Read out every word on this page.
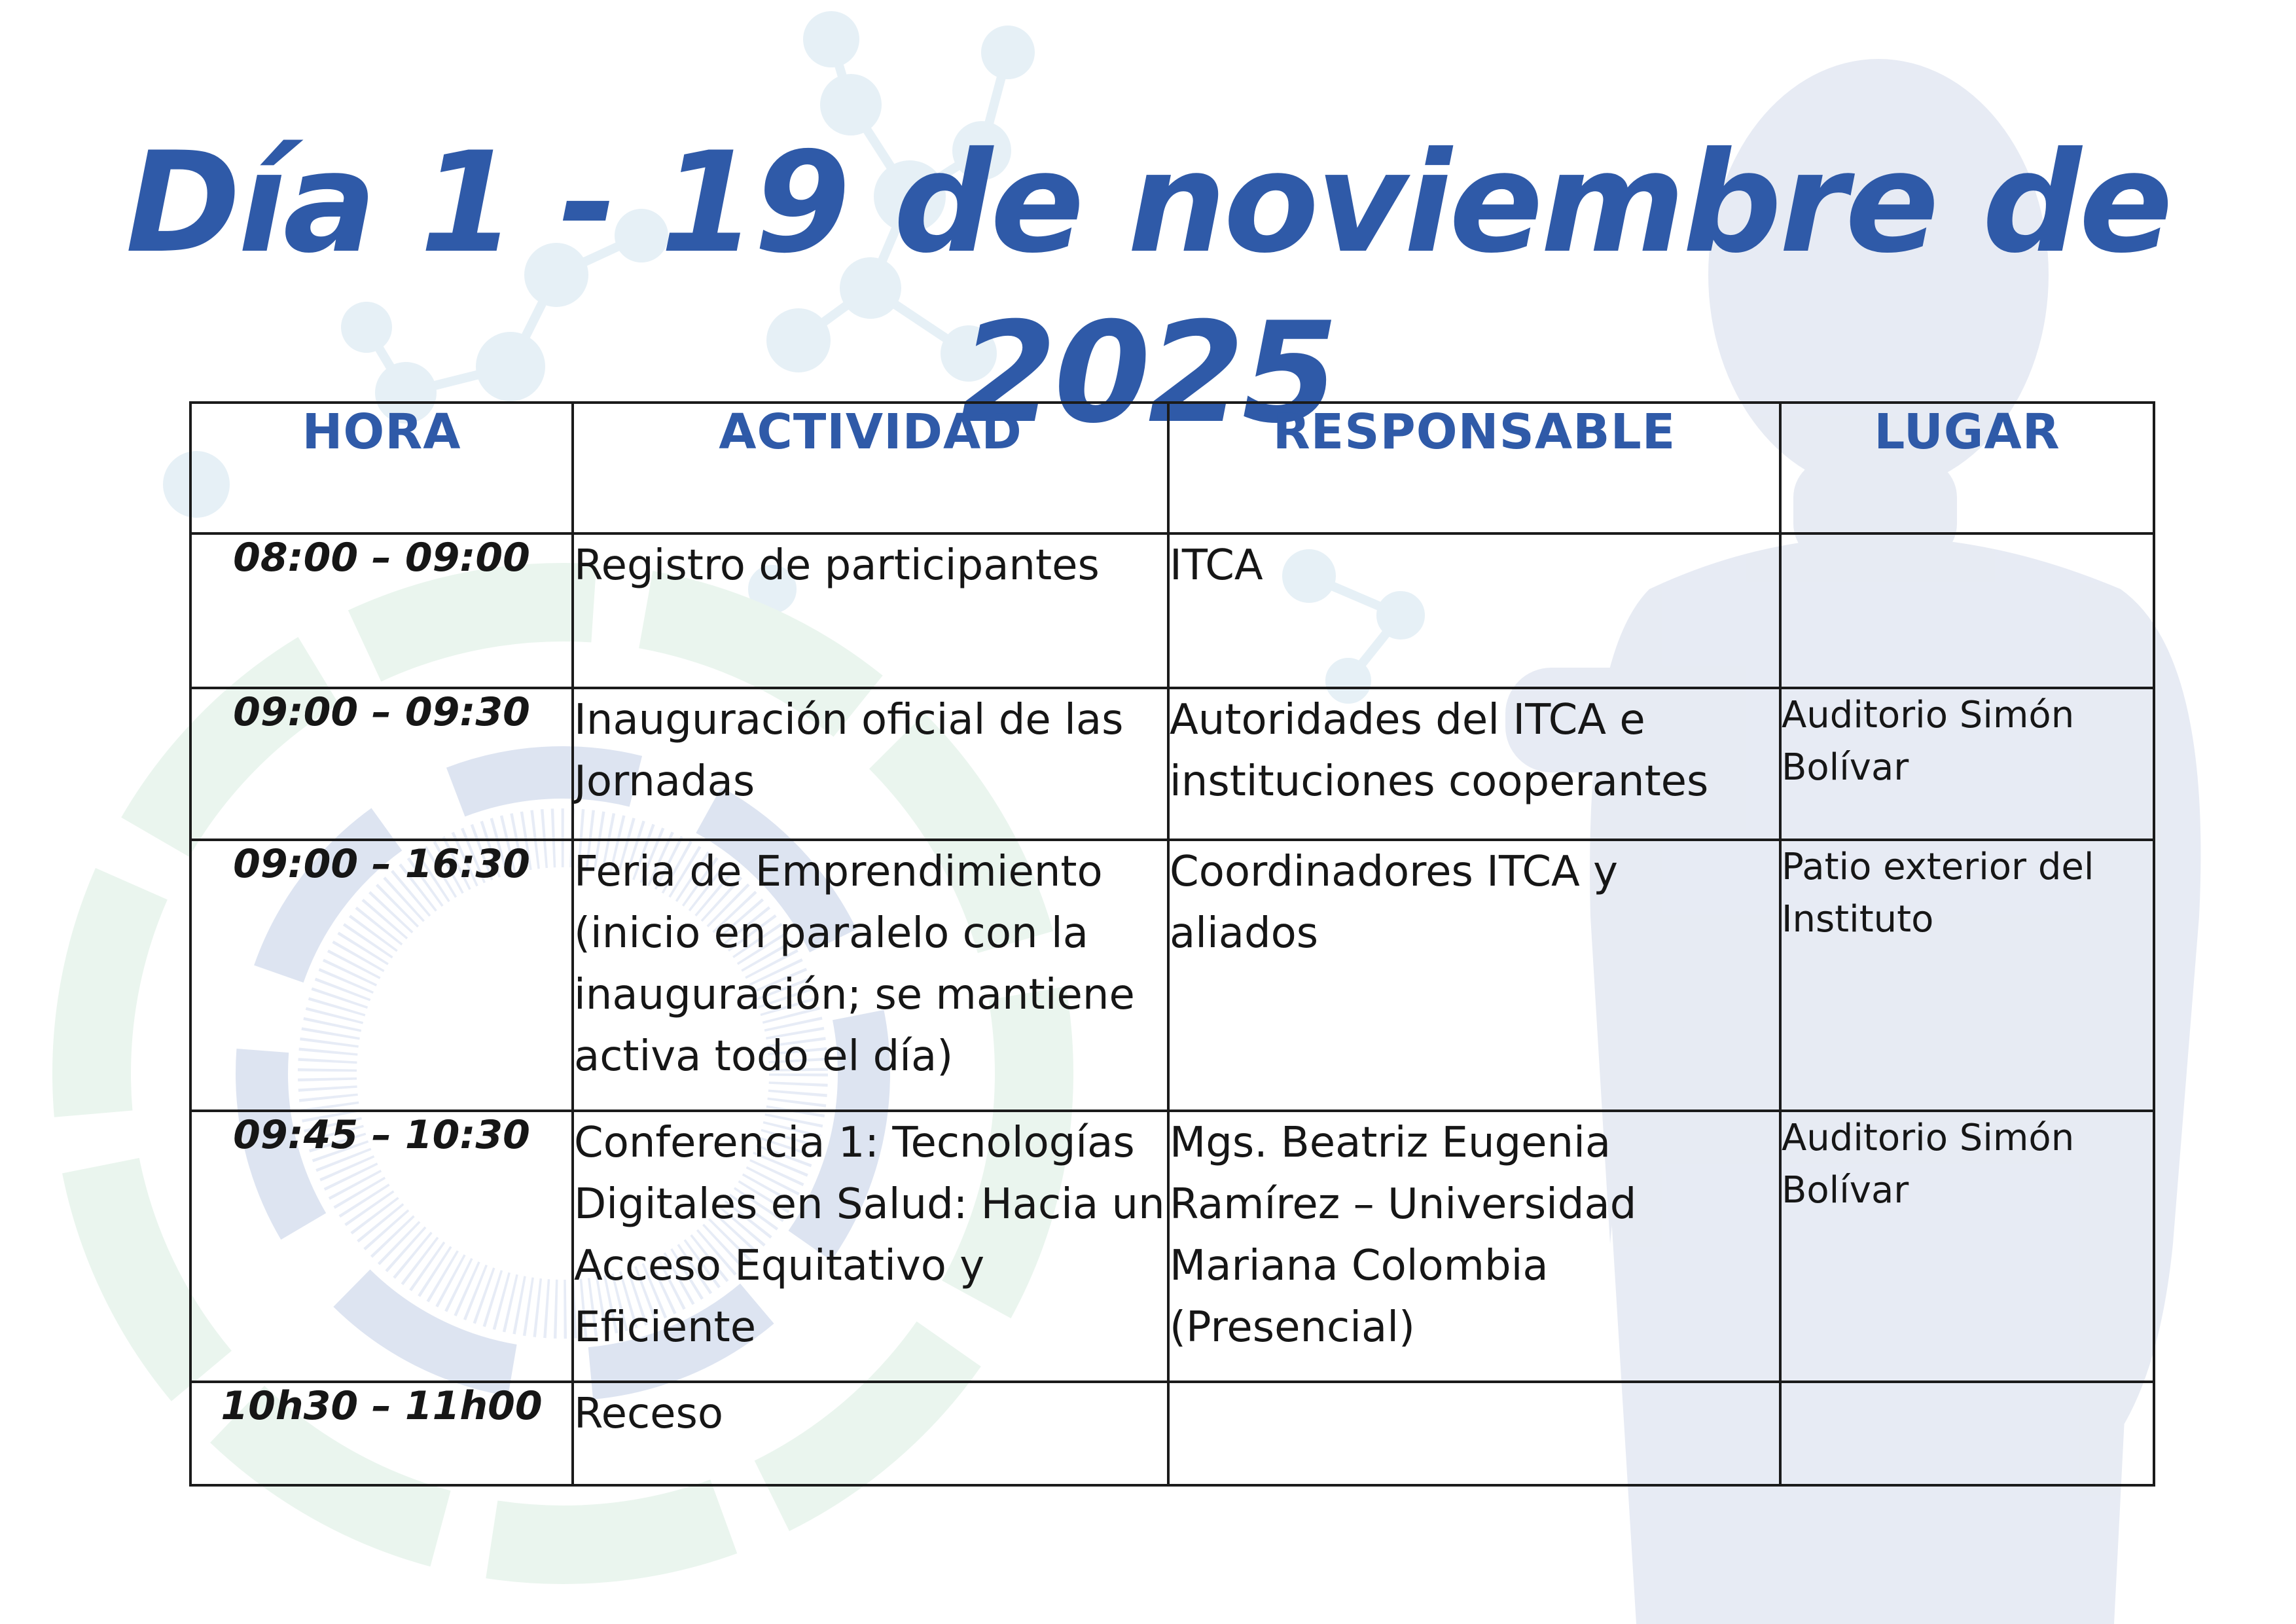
Día 1 - 19 de noviembre de 2025
HORA	ACTIVIDAD	RESPONSABLE	LUGAR
08:00 – 09:00	Registro de participantes	ITCA	
09:00 – 09:30	Inauguración oficial de las Jornadas	Autoridades del ITCA e instituciones cooperantes	Auditorio Simón Bolívar
09:00 – 16:30	Feria de Emprendimiento (inicio en paralelo con la inauguración; se mantiene activa todo el día)	Coordinadores ITCA y aliados	Patio exterior del Instituto
09:45 – 10:30	Conferencia 1: Tecnologías Digitales en Salud: Hacia un Acceso Equitativo y Eficiente	Mgs. Beatriz Eugenia Ramírez – Universidad Mariana Colombia (Presencial)	Auditorio Simón Bolívar
10h30 – 11h00	Receso		
